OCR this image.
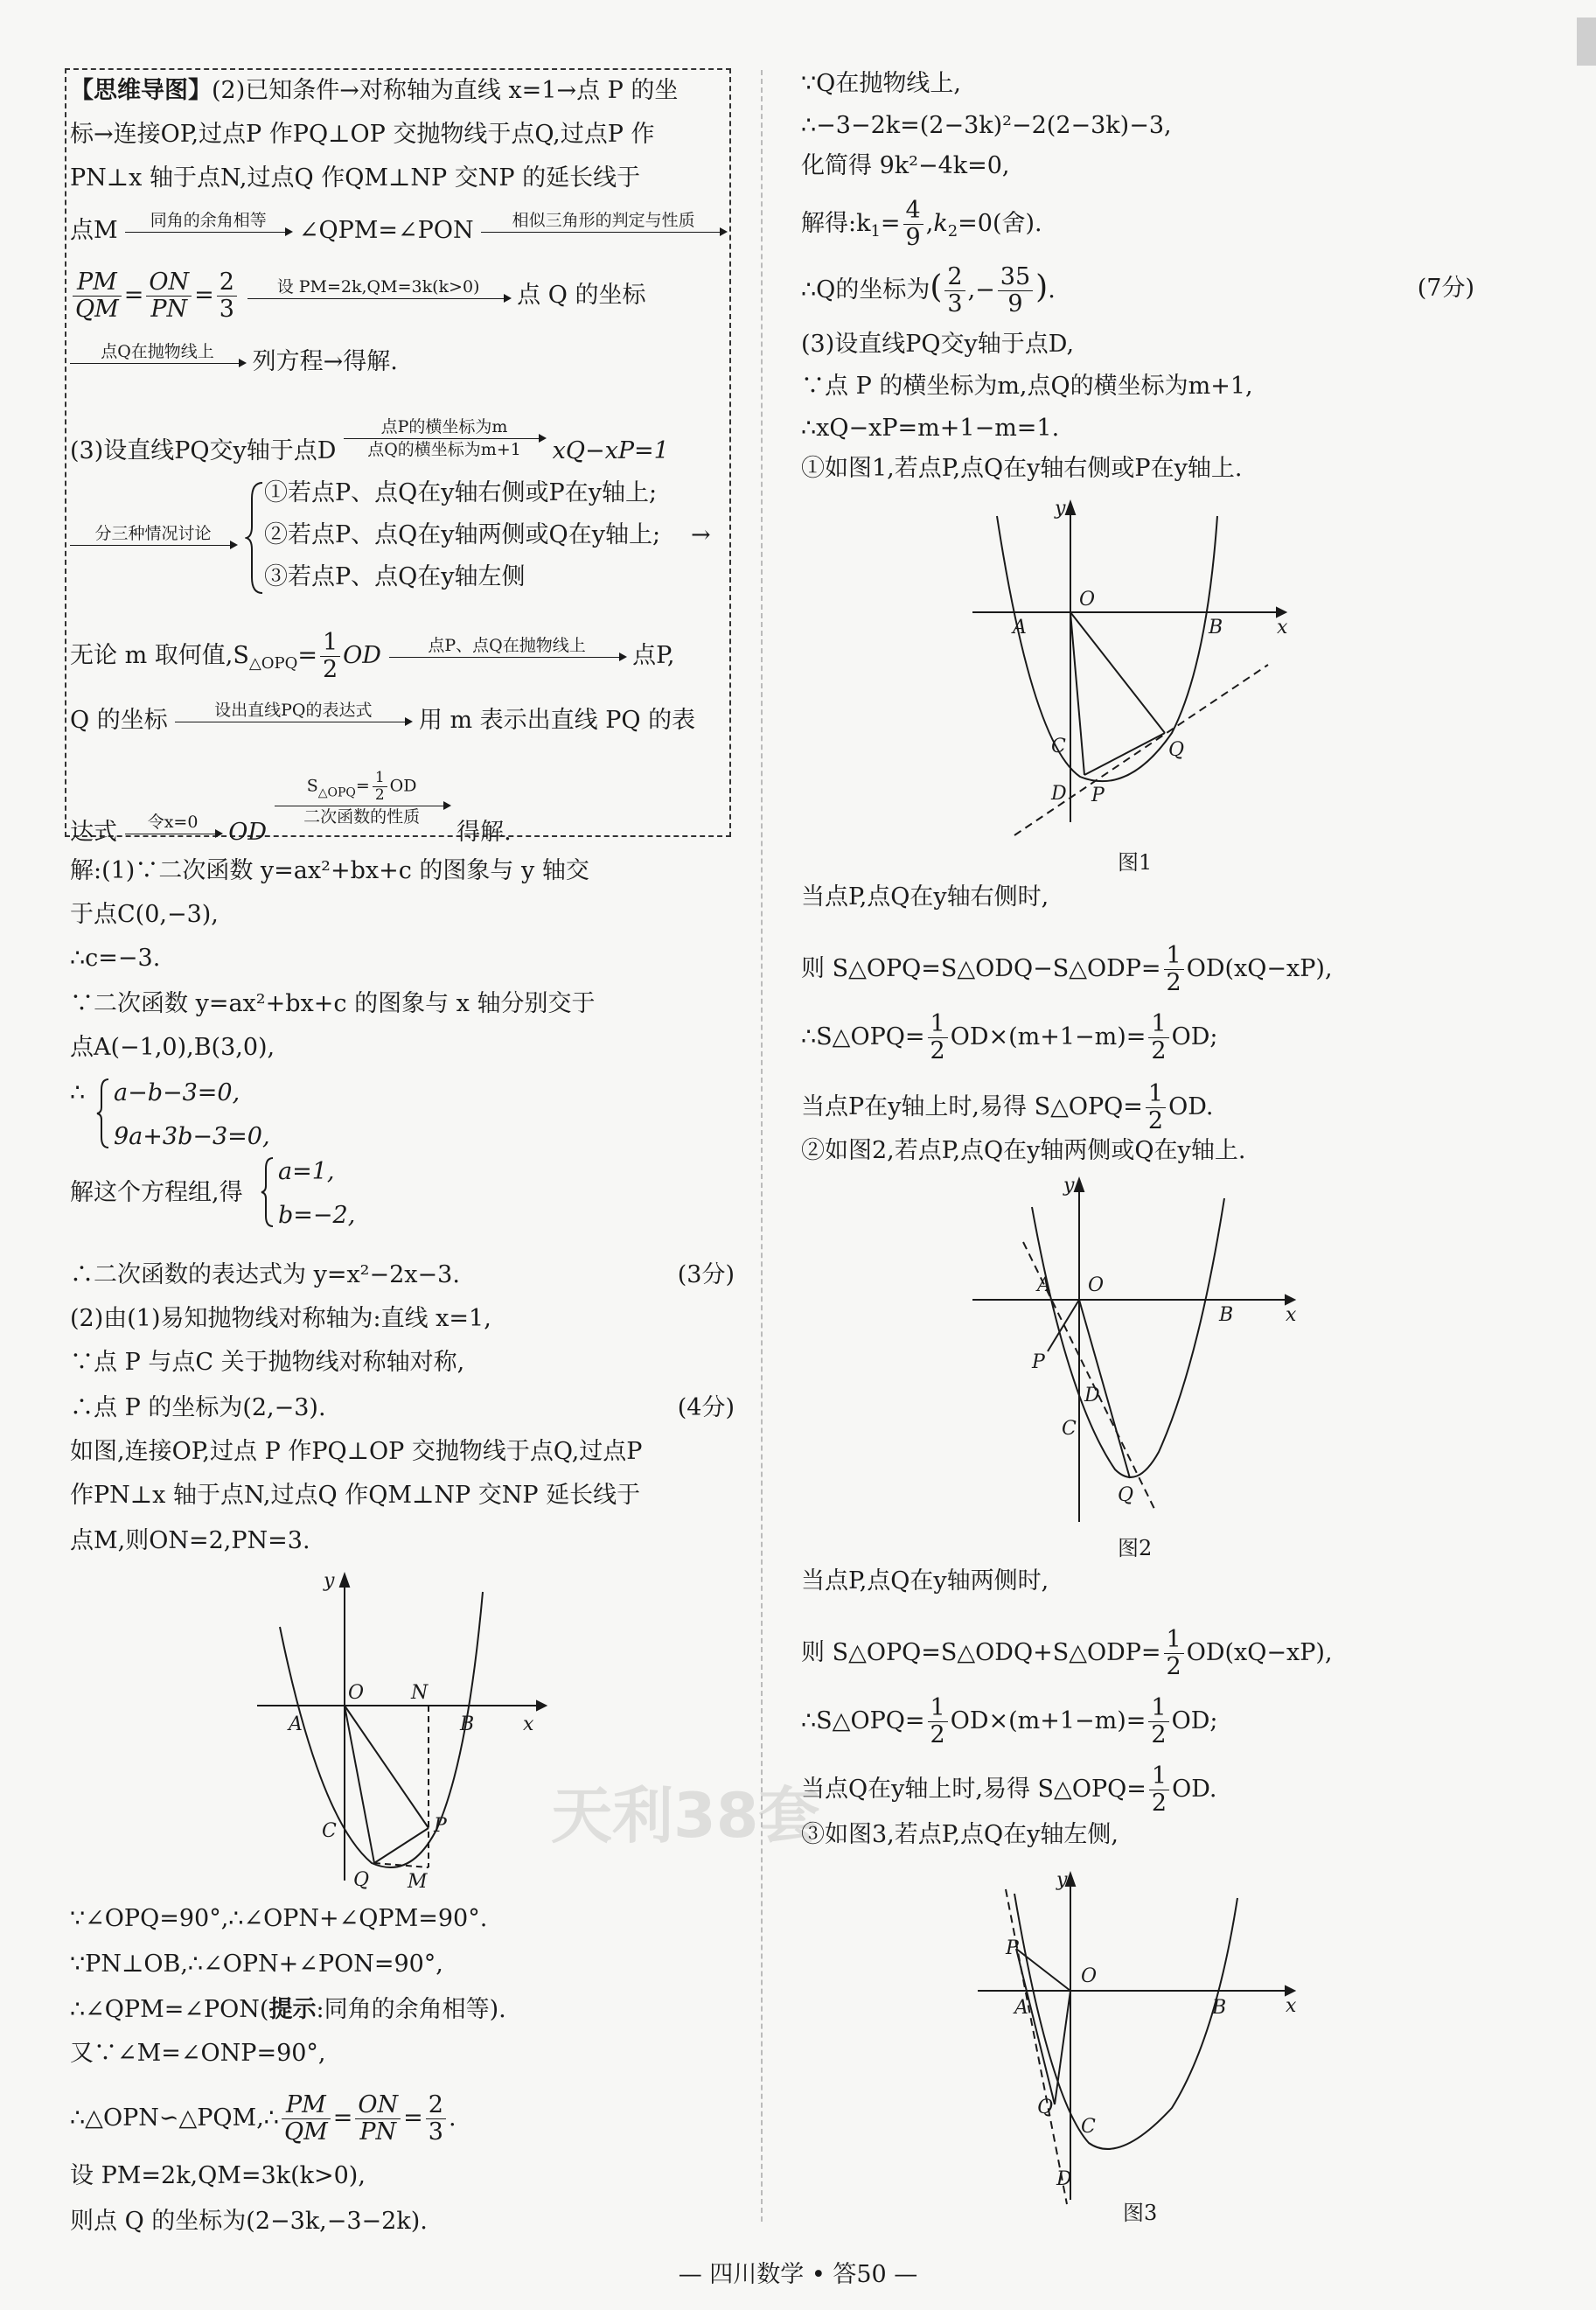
【思维导图】(2)已知条件→对称轴为直线 x=1→点 P 的坐
标→连接OP,过点P 作PQ⊥OP 交抛物线于点Q,过点P 作
PN⊥x 轴于点N,过点Q 作QM⊥NP 交NP 的延长线于
点M	同角的余角相等	∠QPM=∠PON	相似三角形的判定与性质
$\frac{PM}{QM} = \frac{ON}{PN} = \frac{2}{3}$
	设 PM=2k,QM=3k(k>0)	点 Q 的坐标
点Q在抛物线上	列方程→得解.
(3)设直线PQ交y轴于点D
点P的横坐标为m
点Q的横坐标为m+1	xQ−xP=1
分三种情况讨论
①若点P、点Q在y轴右侧或P在y轴上;
②若点P、点Q在y轴两侧或Q在y轴上; →
③若点P、点Q在y轴左侧
无论 m 取何值$,S_{\triangle OPQ}= \frac{1}{2}$ OD	点P、点Q在抛物线上	点P,
Q 的坐标	设出直线PQ的表达式	用 m 表示出直线 PQ 的表
达式	令x=0	OD
$S_{\triangle OPQ}= \frac{1}{2}$ OD
二次函数的性质
得解.
解:(1)∵二次函数 y=ax²+bx+c 的图象与 y 轴交
于点C(0,−3),
∴c=−3.
∵二次函数 y=ax²+bx+c 的图象与 x 轴分别交于
点A(−1,0),B(3,0),
∴ a−b−3=0,
9a+3b−3=0,
解这个方程组,得
a=1,
b=−2,
∴二次函数的表达式为 y=x²−2x−3.	(3分)
(2)由(1)易知抛物线对称轴为:直线 x=1,
∵点 P 与点C 关于抛物线对称轴对称,
∴点 P 的坐标为(2,−3).	(4分)
如图,连接OP,过点 P 作PQ⊥OP 交抛物线于点Q,过点P
作PN⊥x 轴于点N,过点Q 作QM⊥NP 交NP 延长线于
点M,则ON=2,PN=3.
∵∠OPQ=90°,∴∠OPN+∠QPM=90°.
∵PN⊥OB,∴∠OPN+∠PON=90°,
∴∠QPM=∠PON(提示:同角的余角相等).
又∵∠M=∠ONP=90°,
∴△OPN∽△PQM,∴ $\frac{PM}{QM} = \frac{ON}{PN} = \frac{2}{3}$ .
设 PM=2k,QM=3k(k>0),
则点 Q 的坐标为(2−3k,−3−2k).
y
x
O N
A	B
C	P
Q M
天利38套
∵Q在抛物线上,
∴−3−2k=(2−3k)²−2(2−3k)−3,
化简得 9k²−4k=0,
解得$:k_1= \frac{4}{9} ,k_2=0$(舍).
∴Q的坐标为( $\frac{2}{3}$ ,− $\frac{35}{9}$ ).	(7分)
(3)设直线PQ交y轴于点D,
∵点 P 的横坐标为m,点Q的横坐标为m+1,
∴xQ−xP=m+1−m=1.
①如图1,若点P,点Q在y轴右侧或P在y轴上.
当点P,点Q在y轴右侧时,
则 S△OPQ=S△ODQ−S△ODP= $\frac{1}{2} OD(xQ-xP)$,
∴S△OPQ= $\frac{1}{2} OD\times(m+1-m)= \frac{1}{2}$ OD;
当点P在y轴上时,易得 S△OPQ= $\frac{1}{2}$ OD.
②如图2,若点P,点Q在y轴两侧或Q在y轴上.
当点P,点Q在y轴两侧时,
则 S△OPQ=S△ODQ+S△ODP= $\frac{1}{2} OD(xQ-xP)$,
∴S△OPQ= $\frac{1}{2} OD\times(m+1-m)= \frac{1}{2}$ OD;
当点Q在y轴上时,易得 S△OPQ= $\frac{1}{2}$ OD.
③如图3,若点P,点Q在y轴左侧,
y
x
O
A	B
C	Q
D P
图1
y
x
A O
B
P
D
C
Q
图2
y
x
P
O
A	B
Q
C
D
图3
— 四川数学 • 答50 —
